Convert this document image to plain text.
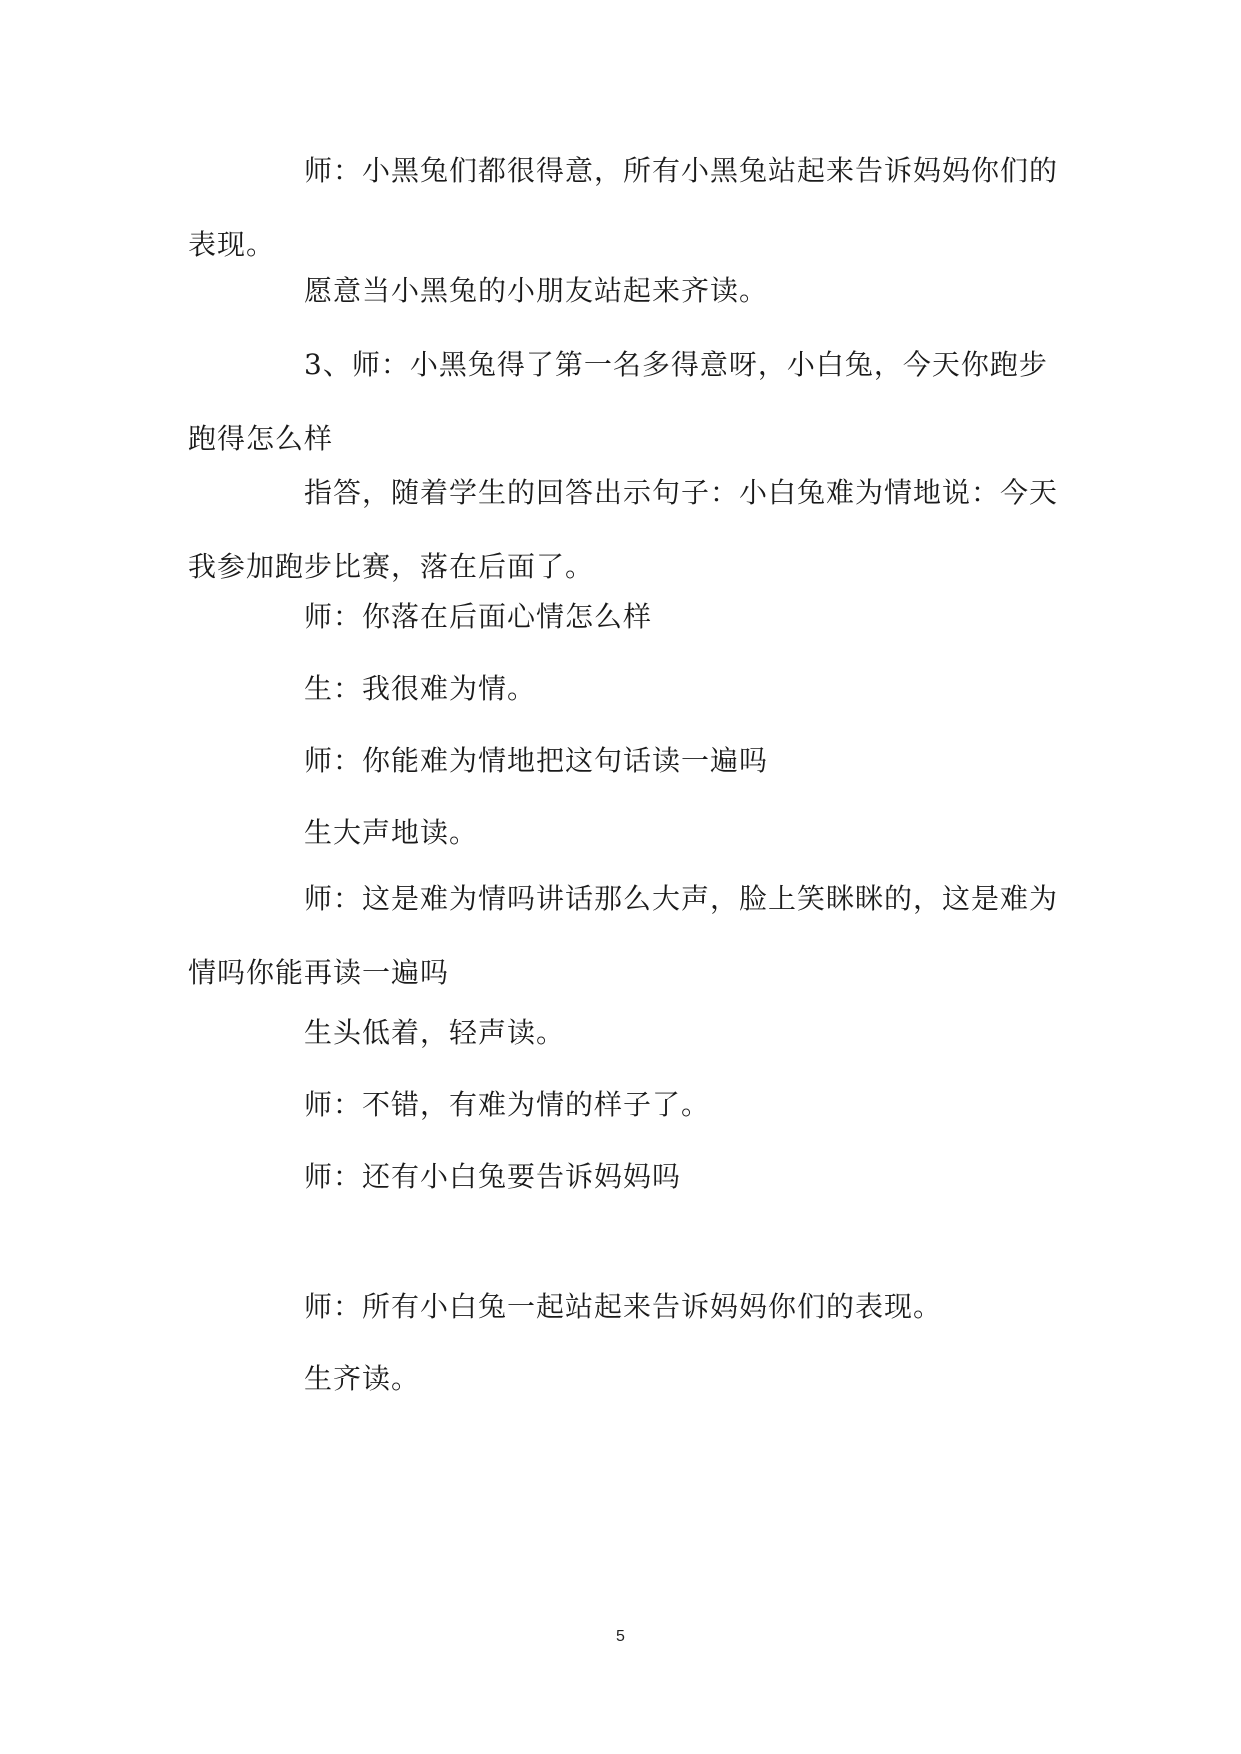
师：小黑兔们都很得意，所有小黑兔站起来告诉妈妈你们的表现。

愿意当小黑兔的小朋友站起来齐读。

3、师：小黑兔得了第一名多得意呀，小白兔，今天你跑步跑得怎么样

指答，随着学生的回答出示句子：小白兔难为情地说：今天我参加跑步比赛，落在后面了。

师：你落在后面心情怎么样

生：我很难为情。

师：你能难为情地把这句话读一遍吗

生大声地读。

师：这是难为情吗讲话那么大声，脸上笑眯眯的，这是难为情吗你能再读一遍吗

生头低着，轻声读。

师：不错，有难为情的样子了。

师：还有小白兔要告诉妈妈吗

师：所有小白兔一起站起来告诉妈妈你们的表现。

生齐读。

5
